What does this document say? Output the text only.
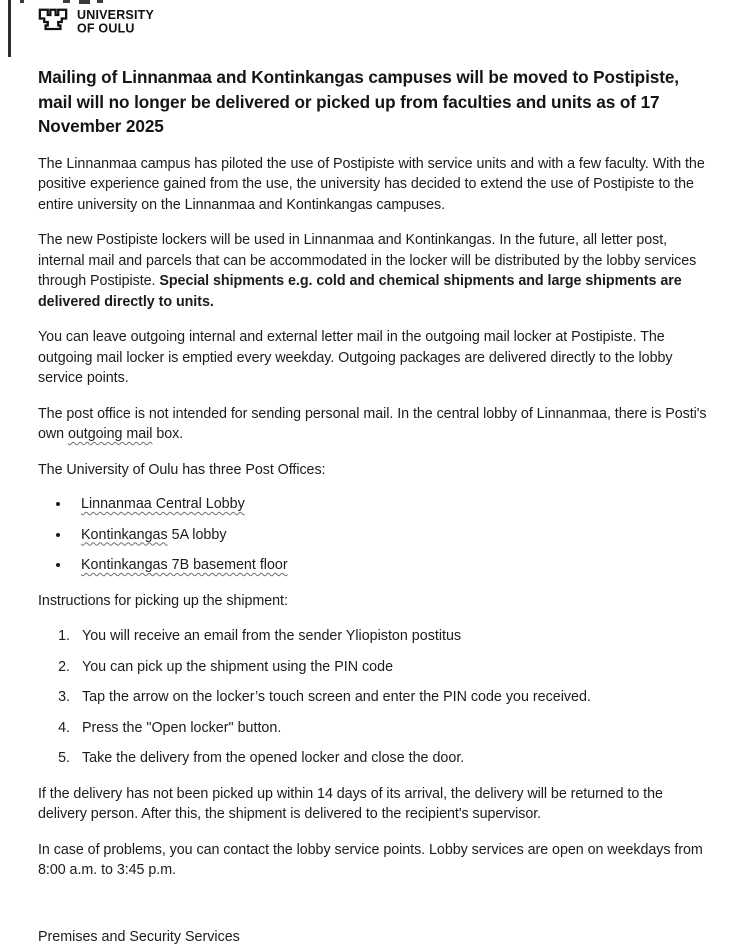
UNIVERSITY
OF OULU
Mailing of Linnanmaa and Kontinkangas campuses will be moved to Postipiste, mail will no longer be delivered or picked up from faculties and units as of 17 November 2025

The Linnanmaa campus has piloted the use of Postipiste with service units and with a few faculty. With the positive experience gained from the use, the university has decided to extend the use of Postipiste to the entire university on the Linnanmaa and Kontinkangas campuses.

The new Postipiste lockers will be used in Linnanmaa and Kontinkangas. In the future, all letter post, internal mail and parcels that can be accommodated in the locker will be distributed by the lobby services through Postipiste. Special shipments e.g. cold and chemical shipments and large shipments are delivered directly to units.

You can leave outgoing internal and external letter mail in the outgoing mail locker at Postipiste. The outgoing mail locker is emptied every weekday. Outgoing packages are delivered directly to the lobby service points.

The post office is not intended for sending personal mail. In the central lobby of Linnanmaa, there is Posti's own outgoing mail box.

The University of Oulu has three Post Offices:

• Linnanmaa Central Lobby
• Kontinkangas 5A lobby
• Kontinkangas 7B basement floor

Instructions for picking up the shipment:

1. You will receive an email from the sender Yliopiston postitus
2. You can pick up the shipment using the PIN code
3. Tap the arrow on the locker’s touch screen and enter the PIN code you received.
4. Press the "Open locker" button.
5. Take the delivery from the opened locker and close the door.

If the delivery has not been picked up within 14 days of its arrival, the delivery will be returned to the delivery person. After this, the shipment is delivered to the recipient's supervisor.

In case of problems, you can contact the lobby service points. Lobby services are open on weekdays from 8:00 a.m. to 3:45 p.m.

Premises and Security Services
